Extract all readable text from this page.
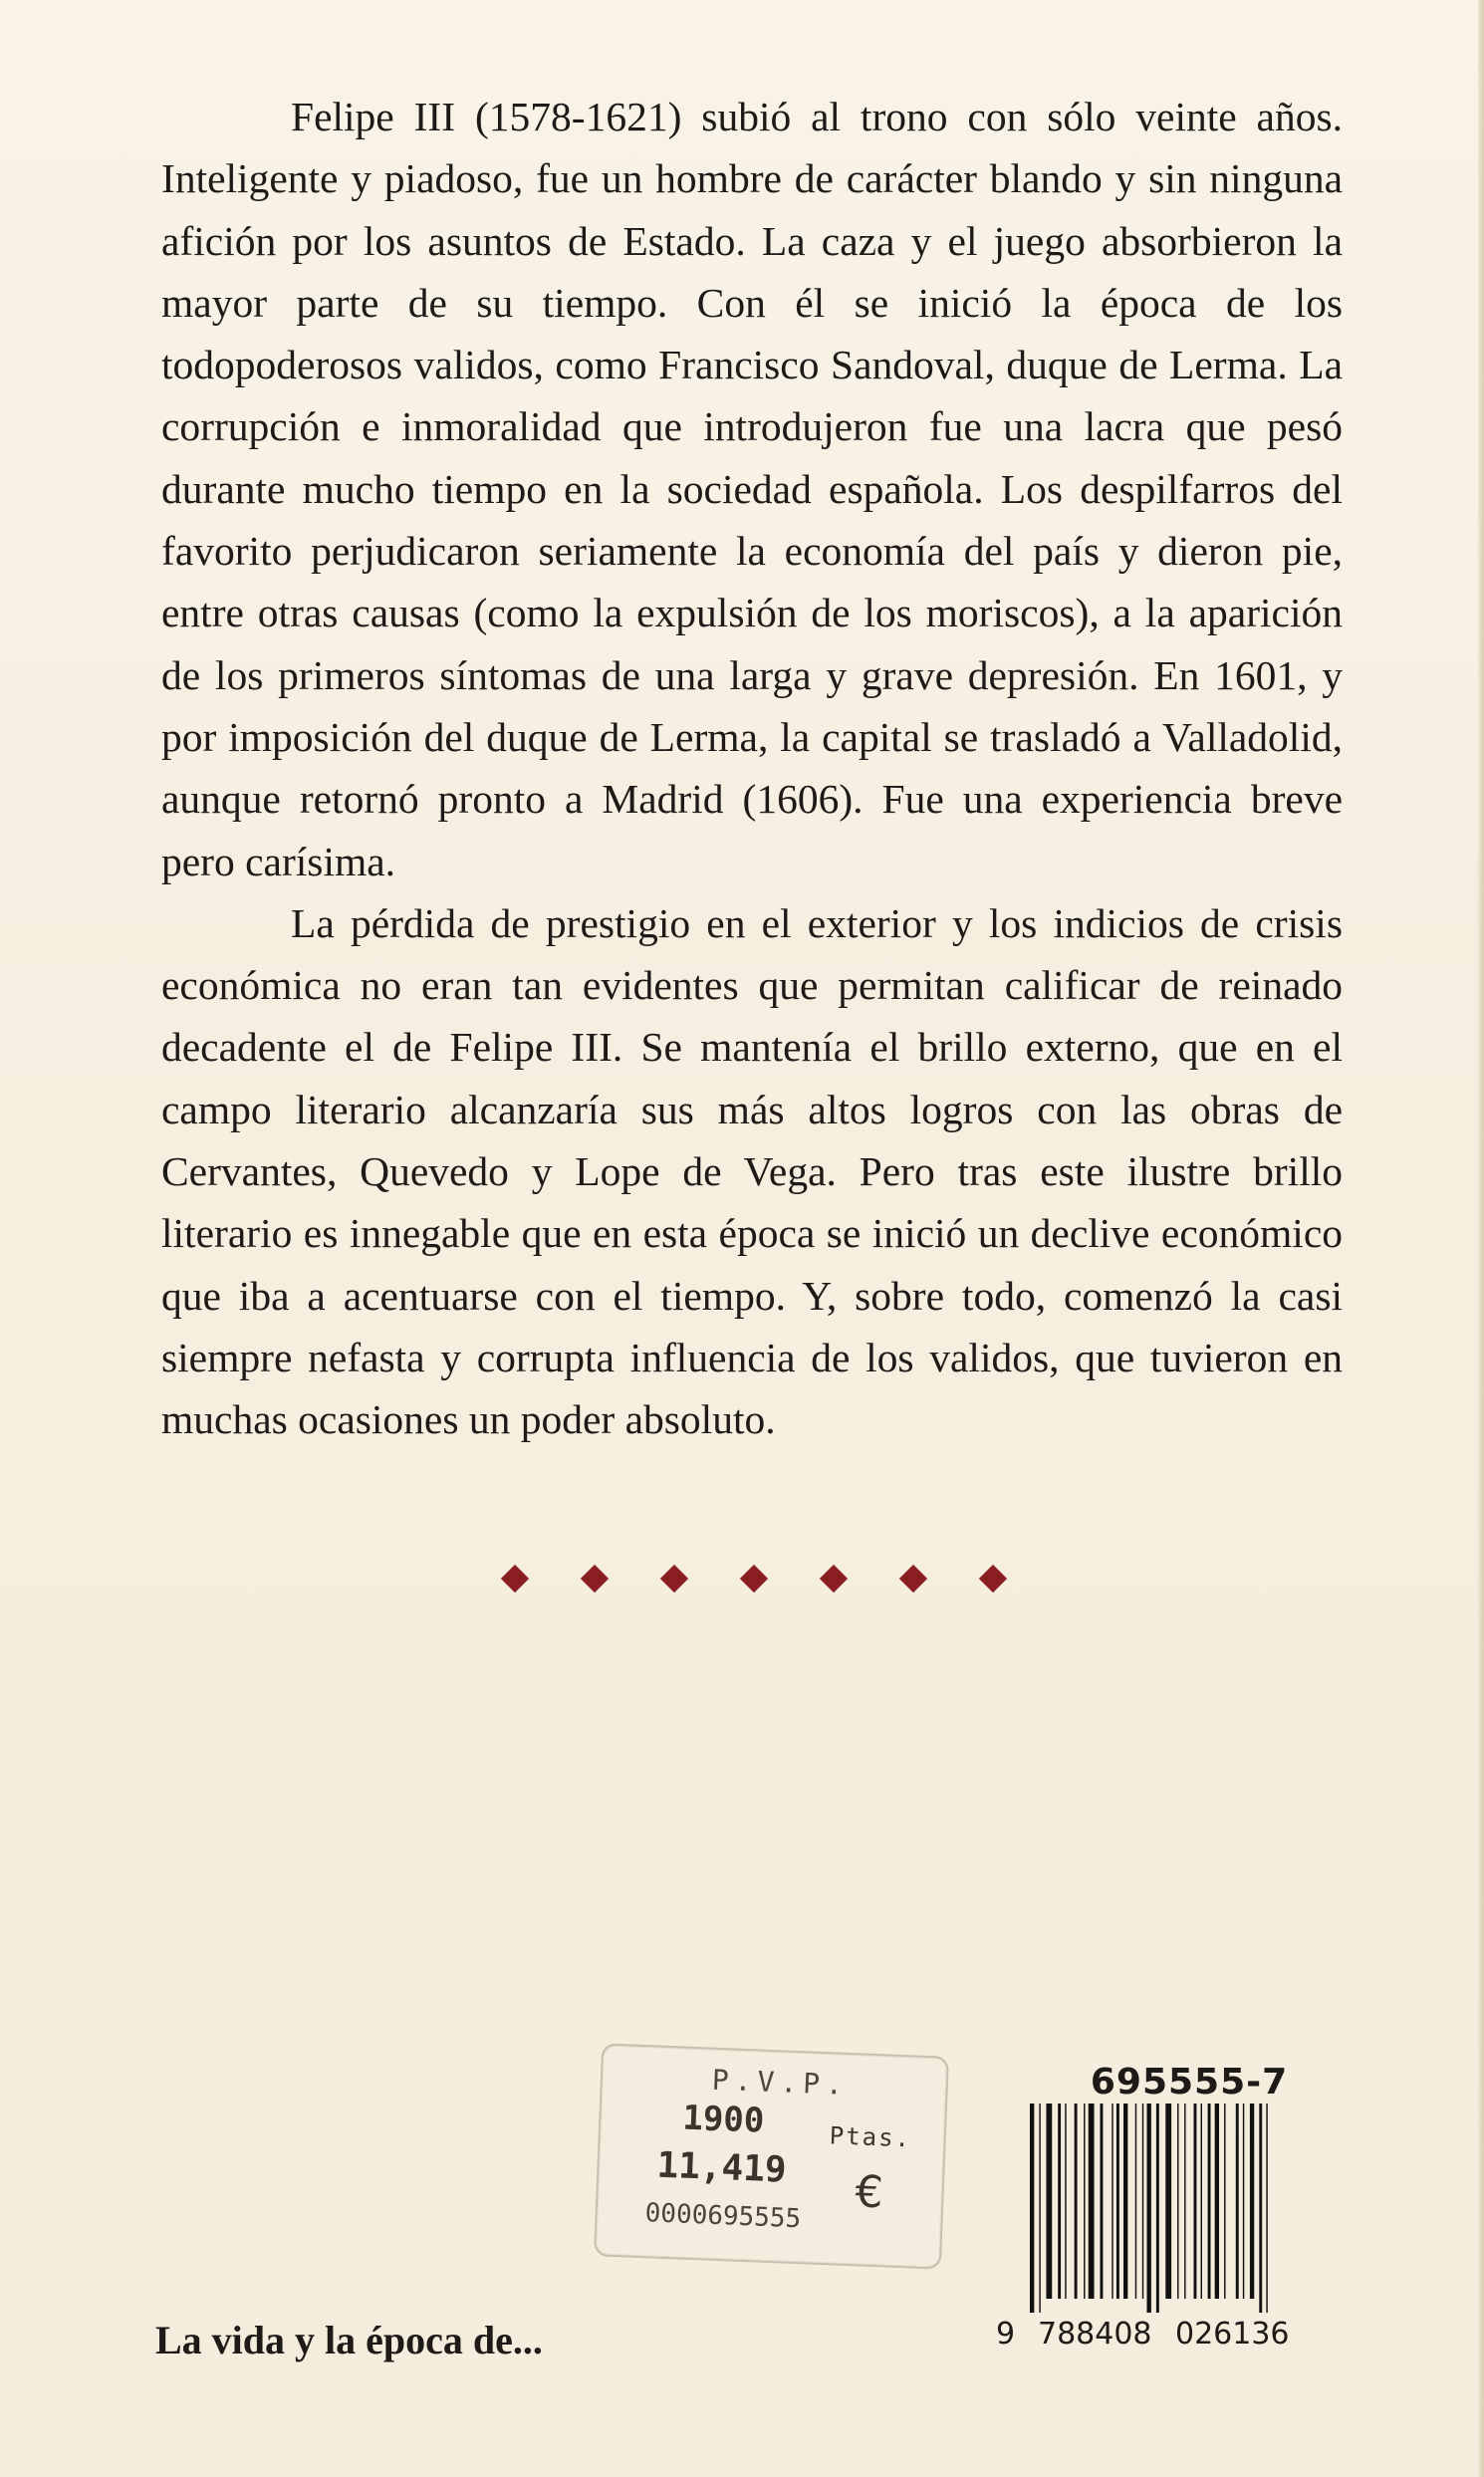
Felipe III (1578-1621) subió al trono con sólo veinte años. Inteligente y piadoso, fue un hombre de carácter blando y sin ninguna afición por los asuntos de Estado. La caza y el juego absorbieron la mayor parte de su tiempo. Con él se inició la época de los todopoderosos validos, como Francisco Sandoval, duque de Lerma. La corrupción e inmoralidad que introdujeron fue una lacra que pesó durante mucho tiempo en la sociedad española. Los despilfarros del favorito perjudicaron seriamente la economía del país y dieron pie, entre otras causas (como la expulsión de los moriscos), a la aparición de los primeros síntomas de una larga y grave depresión. En 1601, y por imposición del duque de Lerma, la capital se trasladó a Valladolid, aunque retornó pronto a Madrid (1606). Fue una experiencia breve pero carísima.

La pérdida de prestigio en el exterior y los indicios de crisis económica no eran tan evidentes que permitan calificar de reinado decadente el de Felipe III. Se mantenía el brillo externo, que en el campo literario alcanzaría sus más altos logros con las obras de Cervantes, Quevedo y Lope de Vega. Pero tras este ilustre brillo literario es innegable que en esta época se inició un declive económico que iba a acentuarse con el tiempo. Y, sobre todo, comenzó la casi siempre nefasta y corrupta influencia de los validos, que tuvieron en muchas ocasiones un poder absoluto.

P.V.P.
1900	Ptas.
11,419 €
0000695555
695555-7
9 788408 026136
La vida y la época de...
